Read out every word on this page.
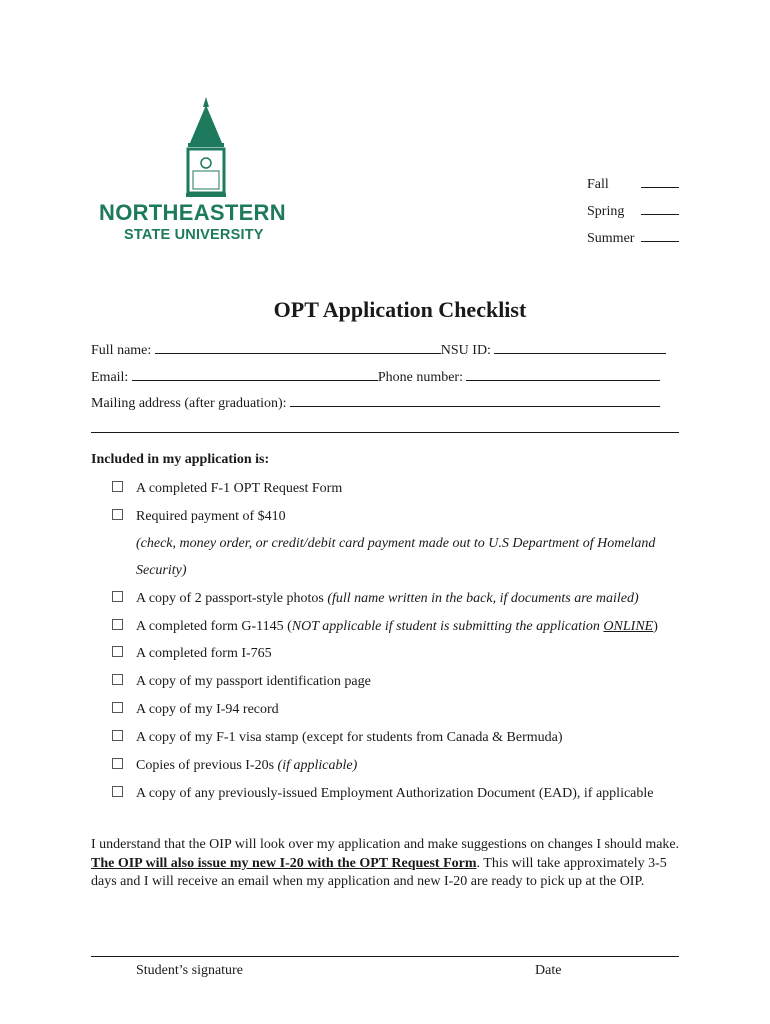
NORTHEASTERN
STATE UNIVERSITY
Fall
Spring
Summer
OPT Application Checklist
Full name:	NSU ID:
Email:	Phone number:
Mailing address (after graduation):
Included in my application is:
A completed F-1 OPT Request Form
Required payment of $410
(check, money order, or credit/debit card payment made out to U.S Department of Homeland
Security)
A copy of 2 passport-style photos (full name written in the back, if documents are mailed)
A completed form G-1145 (NOT applicable if student is submitting the application ONLINE)
A completed form I-765
A copy of my passport identification page
A copy of my I-94 record
A copy of my F-1 visa stamp (except for students from Canada & Bermuda)
Copies of previous I-20s (if applicable)
A copy of any previously-issued Employment Authorization Document (EAD), if applicable
I understand that the OIP will look over my application and make suggestions on changes I should make. The OIP will also issue my new I-20 with the OPT Request Form. This will take approximately 3-5 days and I will receive an email when my application and new I-20 are ready to pick up at the OIP.
Student’s signature	Date
